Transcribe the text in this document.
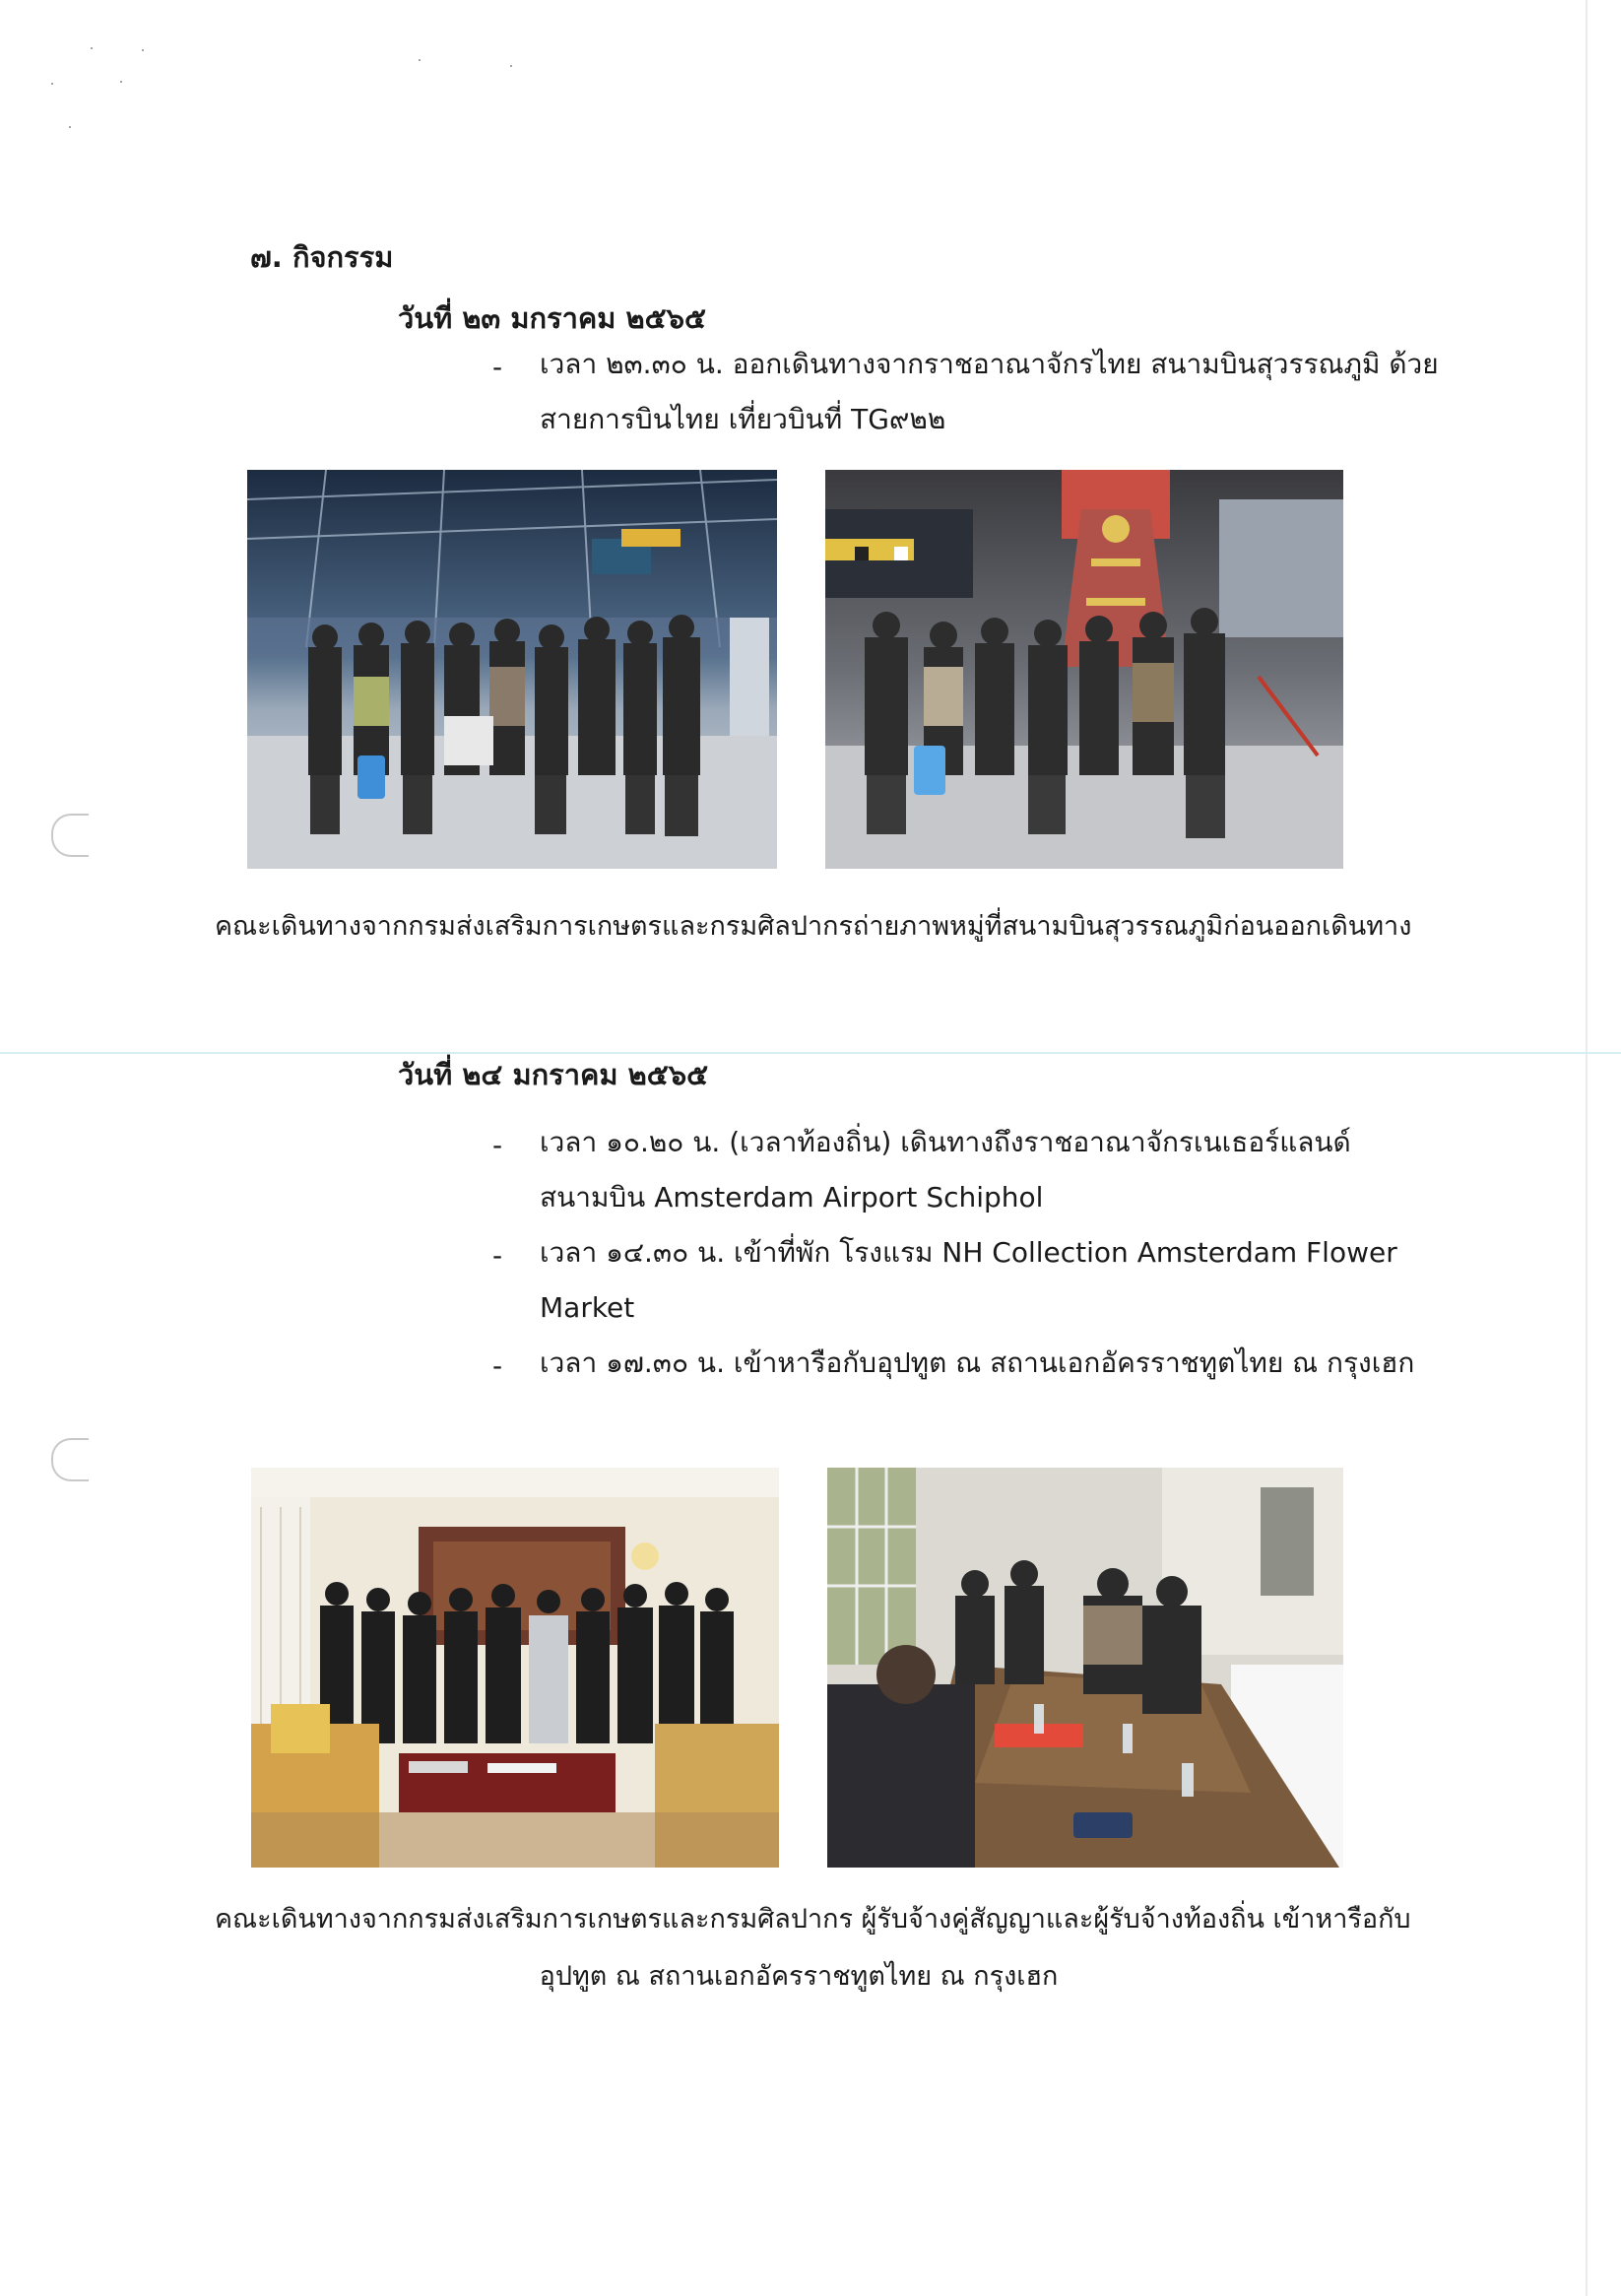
๗. กิจกรรม
วันที่ ๒๓ มกราคม ๒๕๖๕
- เวลา ๒๓.๓๐ น. ออกเดินทางจากราชอาณาจักรไทย สนามบินสุวรรณภูมิ ด้วย
สายการบินไทย เที่ยวบินที่ TG๙๒๒
คณะเดินทางจากกรมส่งเสริมการเกษตรและกรมศิลปากรถ่ายภาพหมู่ที่สนามบินสุวรรณภูมิก่อนออกเดินทาง
วันที่ ๒๔ มกราคม ๒๕๖๕
- เวลา ๑๐.๒๐ น. (เวลาท้องถิ่น) เดินทางถึงราชอาณาจักรเนเธอร์แลนด์
สนามบิน Amsterdam Airport Schiphol
- เวลา ๑๔.๓๐ น. เข้าที่พัก โรงแรม NH Collection Amsterdam Flower
Market
- เวลา ๑๗.๓๐ น. เข้าหารือกับอุปทูต ณ สถานเอกอัครราชทูตไทย ณ กรุงเฮก
คณะเดินทางจากกรมส่งเสริมการเกษตรและกรมศิลปากร ผู้รับจ้างคู่สัญญาและผู้รับจ้างท้องถิ่น เข้าหารือกับ
อุปทูต ณ สถานเอกอัครราชทูตไทย ณ กรุงเฮก
